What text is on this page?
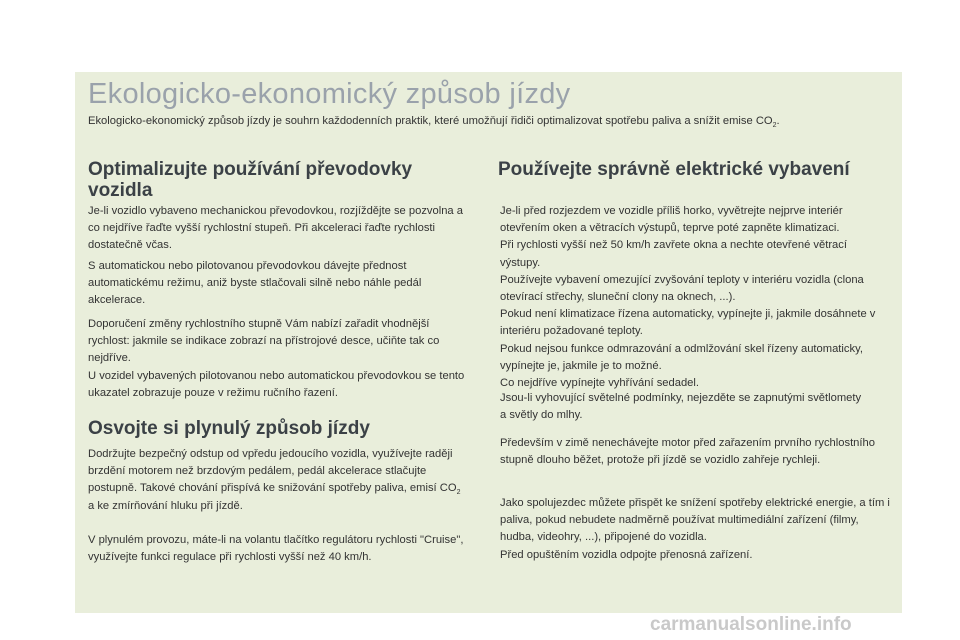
Ekologicko-ekonomický způsob jízdy
Ekologicko-ekonomický způsob jízdy je souhrn každodenních praktik, které umožňují řidiči optimalizovat spotřebu paliva a snížit emise $CO_2$.
Optimalizujte používání převodovky
vozidla

Je-li vozidlo vybaveno mechanickou převodovkou, rozjíždějte se pozvolna a co nejdříve řaďte vyšší rychlostní stupeň. Při akceleraci řaďte rychlosti dostatečně včas.

S automatickou nebo pilotovanou převodovkou dávejte přednost automatickému režimu, aniž byste stlačovali silně nebo náhle pedál akcelerace.

Doporučení změny rychlostního stupně Vám nabízí zařadit vhodnější rychlost: jakmile se indikace zobrazí na přístrojové desce, učiňte tak co nejdříve.
U vozidel vybavených pilotovanou nebo automatickou převodovkou se tento ukazatel zobrazuje pouze v režimu ručního řazení.

Osvojte si plynulý způsob jízdy

Dodržujte bezpečný odstup od vpředu jedoucího vozidla, využívejte raději brzdění motorem než brzdovým pedálem, pedál akcelerace stlačujte postupně. Takové chování přispívá ke snižování spotřeby paliva, emisí $CO_2$ a ke zmírňování hluku při jízdě.

V plynulém provozu, máte-li na volantu tlačítko regulátoru rychlosti "Cruise", využívejte funkci regulace při rychlosti vyšší než 40 km/h.

Používejte správně elektrické vybavení

Je-li před rozjezdem ve vozidle příliš horko, vyvětrejte nejprve interiér otevřením oken a větracích výstupů, teprve poté zapněte klimatizaci.
Při rychlosti vyšší než 50 km/h zavřete okna a nechte otevřené větrací výstupy.
Používejte vybavení omezující zvyšování teploty v interiéru vozidla (clona otevírací střechy, sluneční clony na oknech, ...).
Pokud není klimatizace řízena automaticky, vypínejte ji, jakmile dosáhnete v interiéru požadované teploty.
Pokud nejsou funkce odmrazování a odmlžování skel řízeny automaticky, vypínejte je, jakmile je to možné.
Co nejdříve vypínejte vyhřívání sedadel.

Jsou-li vyhovující světelné podmínky, nejezděte se zapnutými světlomety a světly do mlhy.

Především v zimě nenechávejte motor před zařazením prvního rychlostního stupně dlouho běžet, protože při jízdě se vozidlo zahřeje rychleji.

Jako spolujezdec můžete přispět ke snížení spotřeby elektrické energie, a tím i paliva, pokud nebudete nadměrně používat multimediální zařízení (filmy, hudba, videohry, ...), připojené do vozidla.
Před opuštěním vozidla odpojte přenosná zařízení.

carmanualsonline.info
